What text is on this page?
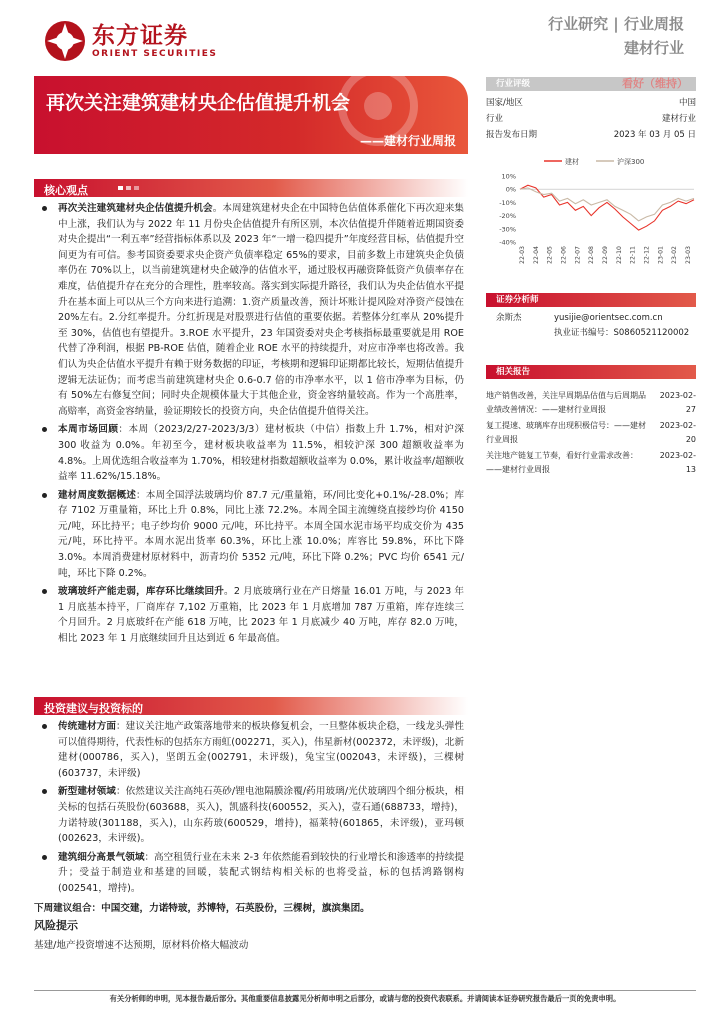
东方证券
ORIENT SECURITIES
行业研究 | 行业周报
建材行业
再次关注建筑建材央企估值提升机会
——建材行业周报
行业评级	看好（维持）
国家/地区	中国
行业	建材行业
报告发布日期	2023 年 03 月 05 日
建材	沪深300
10%
0%
-10%
-20%
-30%
-40%
22-03 22-04 22-05 22-06 22-07 22-08 22-09 22-10 22-11 22-12 23-01 23-02 23-03
证券分析师
余斯杰	yusijie@orientsec.com.cn
执业证书编号：S0860521120002
相关报告
地产销售改善，关注早周期品估值与后周期品业绩改善情况：——建材行业周报
2023-02-27
复工提速、玻璃库存出现积极信号：——建材行业周报
2023-02-20
关注地产链复工节奏，看好行业需求改善：——建材行业周报
2023-02-13
核心观点

再次关注建筑建材央企估值提升机会。本周建筑建材央企在中国特色估值体系催化下再次迎来集中上涨，我们认为与 2022 年 11 月份央企估值提升有所区别，本次估值提升伴随着近期国资委对央企提出“一利五率”经营指标体系以及 2023 年“一增一稳四提升”年度经营目标，估值提升空间更为有可信。参考国资委要求央企资产负债率稳定 65%的要求，目前多数上市建筑央企负债率仍在 70%以上，以当前建筑建材央企破净的估值水平，通过股权再融资降低资产负债率存在难度，估值提升存在充分的合理性，胜率较高。落实到实际提升路径，我们认为央企估值水平提升在基本面上可以从三个方向来进行追溯：1.资产质量改善，预计坏账计提风险对净资产侵蚀在 20%左右。2.分红率提升。分红折现是对股票进行估值的重要依据。若整体分红率从 20%提升至 30%，估值也有望提升。3.ROE 水平提升，23 年国资委对央企考核指标最重要就是用 ROE 代替了净利润，根据 PB-ROE 估值，随着企业 ROE 水平的持续提升，对应市净率也将改善。我们认为央企估值水平提升有赖于财务数据的印证，考核期和逻辑印证期都比较长，短期估值提升逻辑无法证伪；而考虑当前建筑建材央企 0.6-0.7 倍的市净率水平，以 1 倍市净率为目标，仍有 50%左右修复空间；同时央企规模体量大于其他企业，资金容纳量较高。作为一个高胜率，高赔率，高资金容纳量，验证期较长的投资方向，央企估值提升值得关注。

本周市场回顾：本周（2023/2/27-2023/3/3）建材板块（中信）指数上升 1.7%，相对沪深 300 收益为 0.0%。年初至今，建材板块收益率为 11.5%，相较沪深 300 超额收益率为 4.8%。上周优选组合收益率为 1.70%，相较建材指数超额收益率为 0.0%，累计收益率/超额收益率 11.62%/15.18%。

建材周度数据概述：本周全国浮法玻璃均价 87.7 元/重量箱，环/同比变化+0.1%/-28.0%；库存 7102 万重量箱，环比上升 0.8%，同比上涨 72.2%。本周全国主流缠绕直接纱均价 4150 元/吨，环比持平；电子纱均价 9000 元/吨，环比持平。本周全国水泥市场平均成交价为 435 元/吨，环比持平。本周水泥出货率 60.3%，环比上涨 10.0%；库容比 59.8%，环比下降 3.0%。本周消费建材原材料中，沥青均价 5352 元/吨，环比下降 0.2%；PVC 均价 6541 元/吨，环比下降 0.2%。

玻璃玻纤产能走弱，库存环比继续回升。2 月底玻璃行业在产日熔量 16.01 万吨，与 2023 年 1 月底基本持平，厂商库存 7,102 万重箱，比 2023 年 1 月底增加 787 万重箱，库存连续三个月回升。2 月底玻纤在产能 618 万吨，比 2023 年 1 月底减少 40 万吨，库存 82.0 万吨，相比 2023 年 1 月底继续回升且达到近 6 年最高值。

投资建议与投资标的

传统建材方面：建议关注地产政策落地带来的板块修复机会，一旦整体板块企稳，一线龙头弹性可以值得期待，代表性标的包括东方雨虹(002271，买入)，伟星新材(002372，未评级)，北新建材(000786，买入)，坚朗五金(002791，未评级)，兔宝宝(002043，未评级)，三棵树(603737，未评级)

新型建材领域：依然建议关注高纯石英砂/锂电池隔膜涂覆/药用玻璃/光伏玻璃四个细分板块，相关标的包括石英股份(603688，买入)，凯盛科技(600552，买入)，壹石通(688733，增持)，力诺特玻(301188，买入)，山东药玻(600529，增持)，福莱特(601865，未评级)，亚玛顿(002623，未评级)。

建筑细分高景气领域：高空租赁行业在未来 2-3 年依然能看到较快的行业增长和渗透率的持续提升；受益于制造业和基建的回暖，装配式钢结构相关标的也将受益，标的包括鸿路钢构(002541，增持)。

下周建议组合：中国交建，力诺特玻，苏博特，石英股份，三棵树，旗滨集团。

风险提示

基建/地产投资增速不达预期，原材料价格大幅波动

有关分析师的申明，见本报告最后部分。其他重要信息披露见分析师申明之后部分，或请与您的投资代表联系。并请阅读本证券研究报告最后一页的免责申明。
